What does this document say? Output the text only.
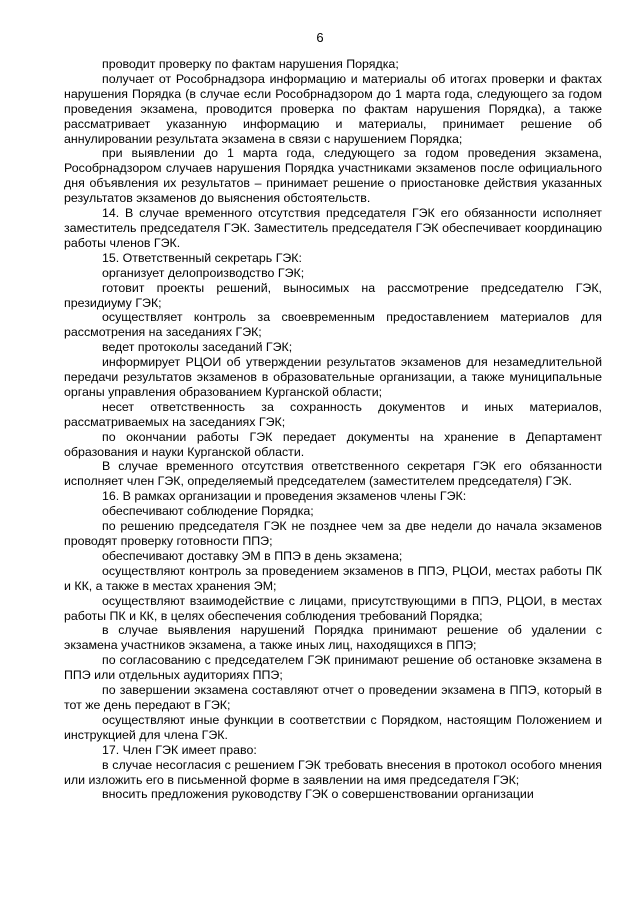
6

проводит проверку по фактам нарушения Порядка;

получает от Рособрнадзора информацию и материалы об итогах проверки и фактах нарушения Порядка (в случае если Рособрнадзором до 1 марта года, следующего за годом проведения экзамена, проводится проверка по фактам нарушения Порядка), а также рассматривает указанную информацию и материалы, принимает решение об аннулировании результата экзамена в связи с нарушением Порядка;

при выявлении до 1 марта года, следующего за годом проведения экзамена, Рособрнадзором случаев нарушения Порядка участниками экзаменов после официального дня объявления их результатов – принимает решение о приостановке действия указанных результатов экзаменов до выяснения обстоятельств.

14. В случае временного отсутствия председателя ГЭК его обязанности исполняет заместитель председателя ГЭК. Заместитель председателя ГЭК обеспечивает координацию работы членов ГЭК.

15. Ответственный секретарь ГЭК:

организует делопроизводство ГЭК;

готовит проекты решений, выносимых на рассмотрение председателю ГЭК, президиуму ГЭК;

осуществляет контроль за своевременным предоставлением материалов для рассмотрения на заседаниях ГЭК;

ведет протоколы заседаний ГЭК;

информирует РЦОИ об утверждении результатов экзаменов для незамедлительной передачи результатов экзаменов в образовательные организации, а также муниципальные органы управления образованием Курганской области;

несет ответственность за сохранность документов и иных материалов, рассматриваемых на заседаниях ГЭК;

по окончании работы ГЭК передает документы на хранение в Департамент образования и науки Курганской области.

В случае временного отсутствия ответственного секретаря ГЭК его обязанности исполняет член ГЭК, определяемый председателем (заместителем председателя) ГЭК.

16. В рамках организации и проведения экзаменов члены ГЭК:

обеспечивают соблюдение Порядка;

по решению председателя ГЭК не позднее чем за две недели до начала экзаменов проводят проверку готовности ППЭ;

обеспечивают доставку ЭМ в ППЭ в день экзамена;

осуществляют контроль за проведением экзаменов в ППЭ, РЦОИ, местах работы ПК и КК, а также в местах хранения ЭМ;

осуществляют взаимодействие с лицами, присутствующими в ППЭ, РЦОИ, в местах работы ПК и КК, в целях обеспечения соблюдения требований Порядка;

в случае выявления нарушений Порядка принимают решение об удалении с экзамена участников экзамена, а также иных лиц, находящихся в ППЭ;

по согласованию с председателем ГЭК принимают решение об остановке экзамена в ППЭ или отдельных аудиториях ППЭ;

по завершении экзамена составляют отчет о проведении экзамена в ППЭ, который в тот же день передают в ГЭК;

осуществляют иные функции в соответствии с Порядком, настоящим Положением и инструкцией для члена ГЭК.

17. Член ГЭК имеет право:

в случае несогласия с решением ГЭК требовать внесения в протокол особого мнения или изложить его в письменной форме в заявлении на имя председателя ГЭК;

вносить предложения руководству ГЭК о совершенствовании организации
